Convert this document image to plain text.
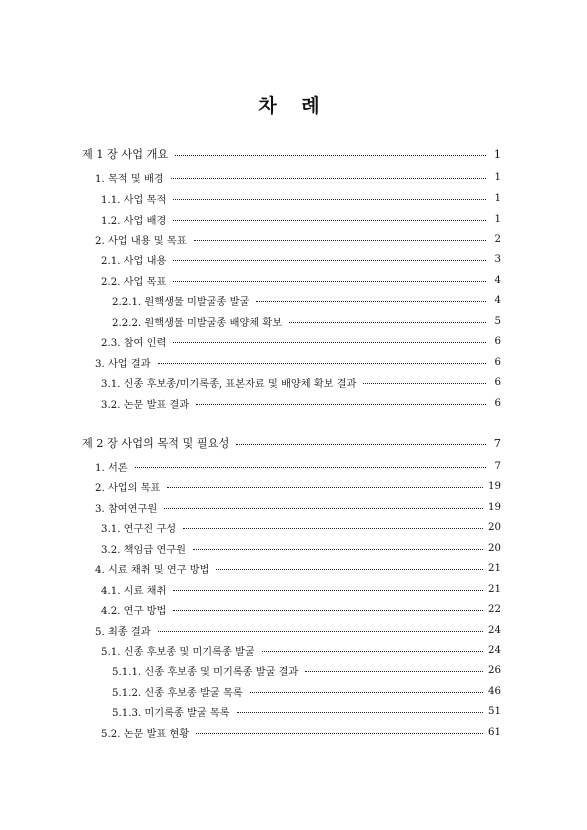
차 례
제 1 장 사업 개요	1
1. 목적 및 배경	1
1.1. 사업 목적	1
1.2. 사업 배경	1
2. 사업 내용 및 목표	2
2.1. 사업 내용	3
2.2. 사업 목표	4
2.2.1. 원핵생물 미발굴종 발굴	4
2.2.2. 원핵생물 미발굴종 배양체 확보	5
2.3. 참여 인력	6
3. 사업 결과	6
3.1. 신종 후보종/미기록종, 표본자료 및 배양체 확보 결과	6
3.2. 논문 발표 결과	6
제 2 장 사업의 목적 및 필요성	7
1. 서론	7
2. 사업의 목표	19
3. 참여연구원	19
3.1. 연구진 구성	20
3.2. 책임급 연구원	20
4. 시료 채취 및 연구 방법	21
4.1. 시료 채취	21
4.2. 연구 방법	22
5. 최종 결과	24
5.1. 신종 후보종 및 미기록종 발굴	24
5.1.1. 신종 후보종 및 미기록종 발굴 결과	26
5.1.2. 신종 후보종 발굴 목록	46
5.1.3. 미기록종 발굴 목록	51
5.2. 논문 발표 현황	61
